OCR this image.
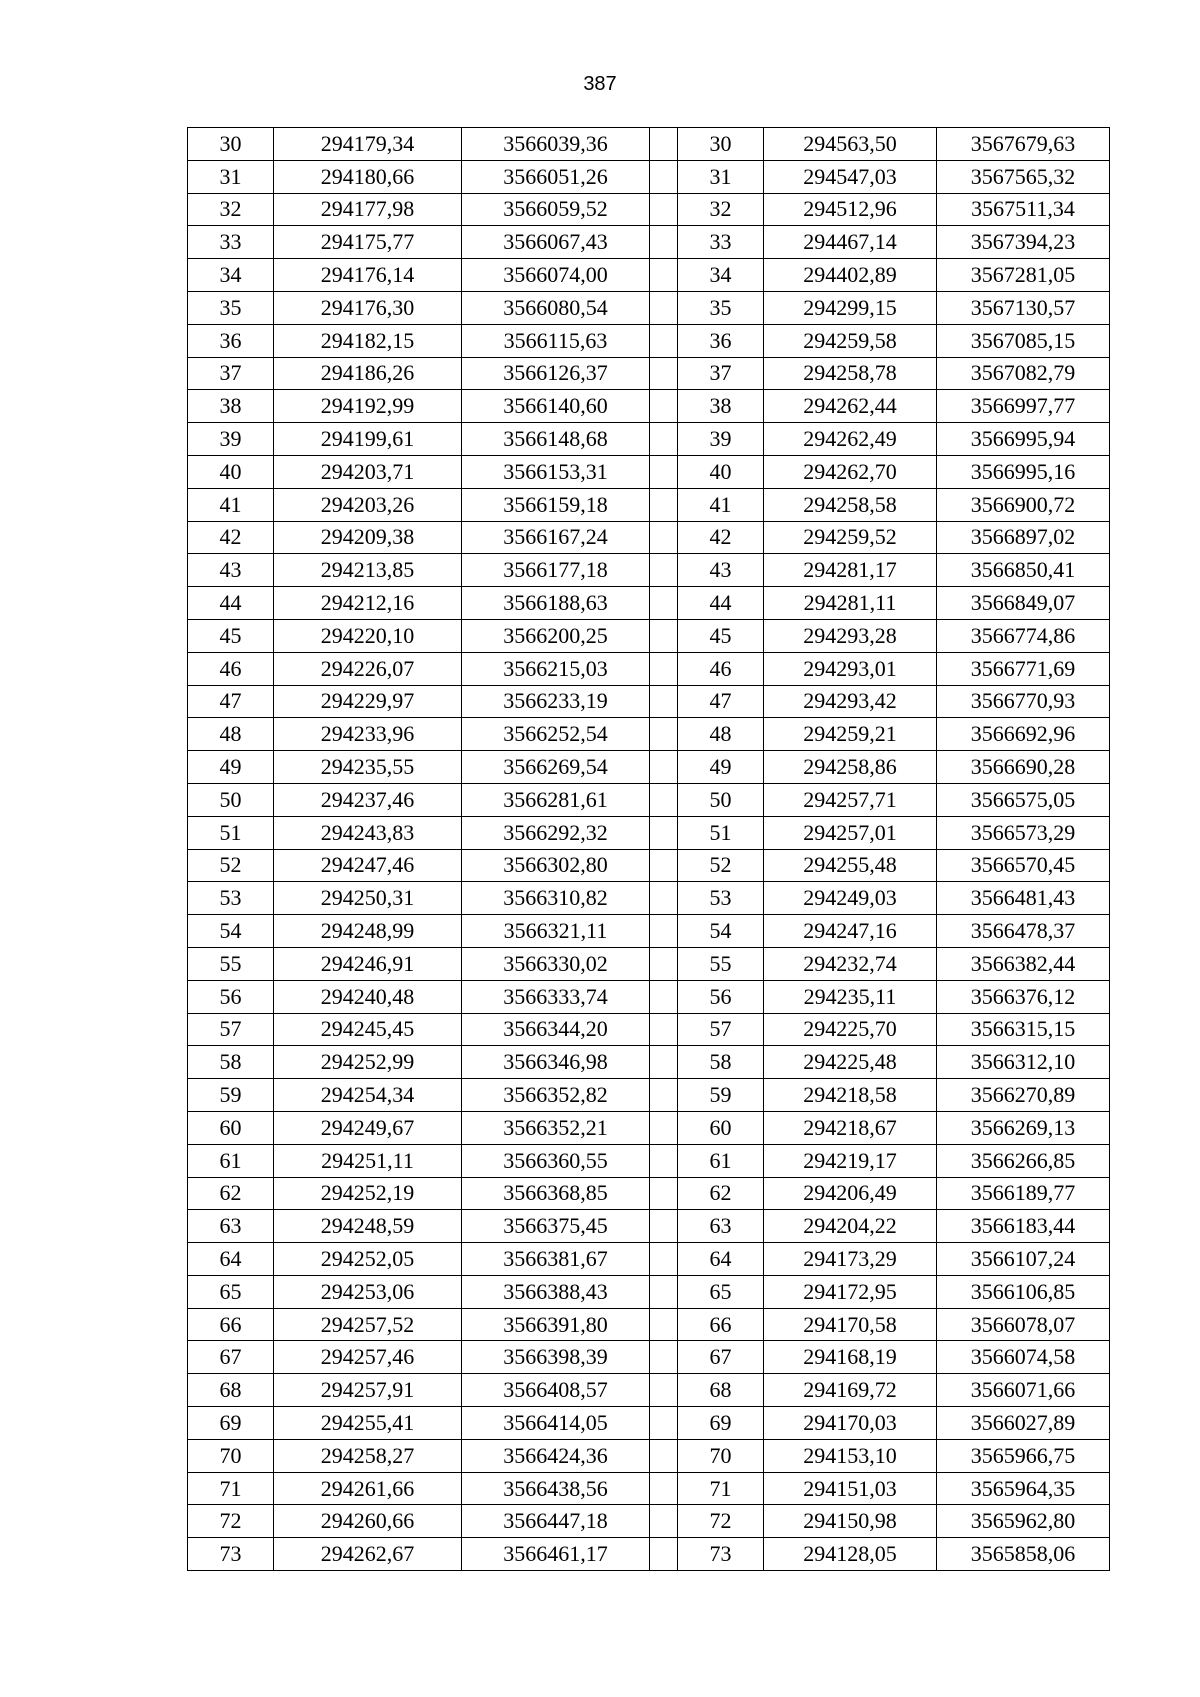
387
30	294179,34	3566039,36		30	294563,50	3567679,63
31	294180,66	3566051,26		31	294547,03	3567565,32
32	294177,98	3566059,52		32	294512,96	3567511,34
33	294175,77	3566067,43		33	294467,14	3567394,23
34	294176,14	3566074,00		34	294402,89	3567281,05
35	294176,30	3566080,54		35	294299,15	3567130,57
36	294182,15	3566115,63		36	294259,58	3567085,15
37	294186,26	3566126,37		37	294258,78	3567082,79
38	294192,99	3566140,60		38	294262,44	3566997,77
39	294199,61	3566148,68		39	294262,49	3566995,94
40	294203,71	3566153,31		40	294262,70	3566995,16
41	294203,26	3566159,18		41	294258,58	3566900,72
42	294209,38	3566167,24		42	294259,52	3566897,02
43	294213,85	3566177,18		43	294281,17	3566850,41
44	294212,16	3566188,63		44	294281,11	3566849,07
45	294220,10	3566200,25		45	294293,28	3566774,86
46	294226,07	3566215,03		46	294293,01	3566771,69
47	294229,97	3566233,19		47	294293,42	3566770,93
48	294233,96	3566252,54		48	294259,21	3566692,96
49	294235,55	3566269,54		49	294258,86	3566690,28
50	294237,46	3566281,61		50	294257,71	3566575,05
51	294243,83	3566292,32		51	294257,01	3566573,29
52	294247,46	3566302,80		52	294255,48	3566570,45
53	294250,31	3566310,82		53	294249,03	3566481,43
54	294248,99	3566321,11		54	294247,16	3566478,37
55	294246,91	3566330,02		55	294232,74	3566382,44
56	294240,48	3566333,74		56	294235,11	3566376,12
57	294245,45	3566344,20		57	294225,70	3566315,15
58	294252,99	3566346,98		58	294225,48	3566312,10
59	294254,34	3566352,82		59	294218,58	3566270,89
60	294249,67	3566352,21		60	294218,67	3566269,13
61	294251,11	3566360,55		61	294219,17	3566266,85
62	294252,19	3566368,85		62	294206,49	3566189,77
63	294248,59	3566375,45		63	294204,22	3566183,44
64	294252,05	3566381,67		64	294173,29	3566107,24
65	294253,06	3566388,43		65	294172,95	3566106,85
66	294257,52	3566391,80		66	294170,58	3566078,07
67	294257,46	3566398,39		67	294168,19	3566074,58
68	294257,91	3566408,57		68	294169,72	3566071,66
69	294255,41	3566414,05		69	294170,03	3566027,89
70	294258,27	3566424,36		70	294153,10	3565966,75
71	294261,66	3566438,56		71	294151,03	3565964,35
72	294260,66	3566447,18		72	294150,98	3565962,80
73	294262,67	3566461,17		73	294128,05	3565858,06
